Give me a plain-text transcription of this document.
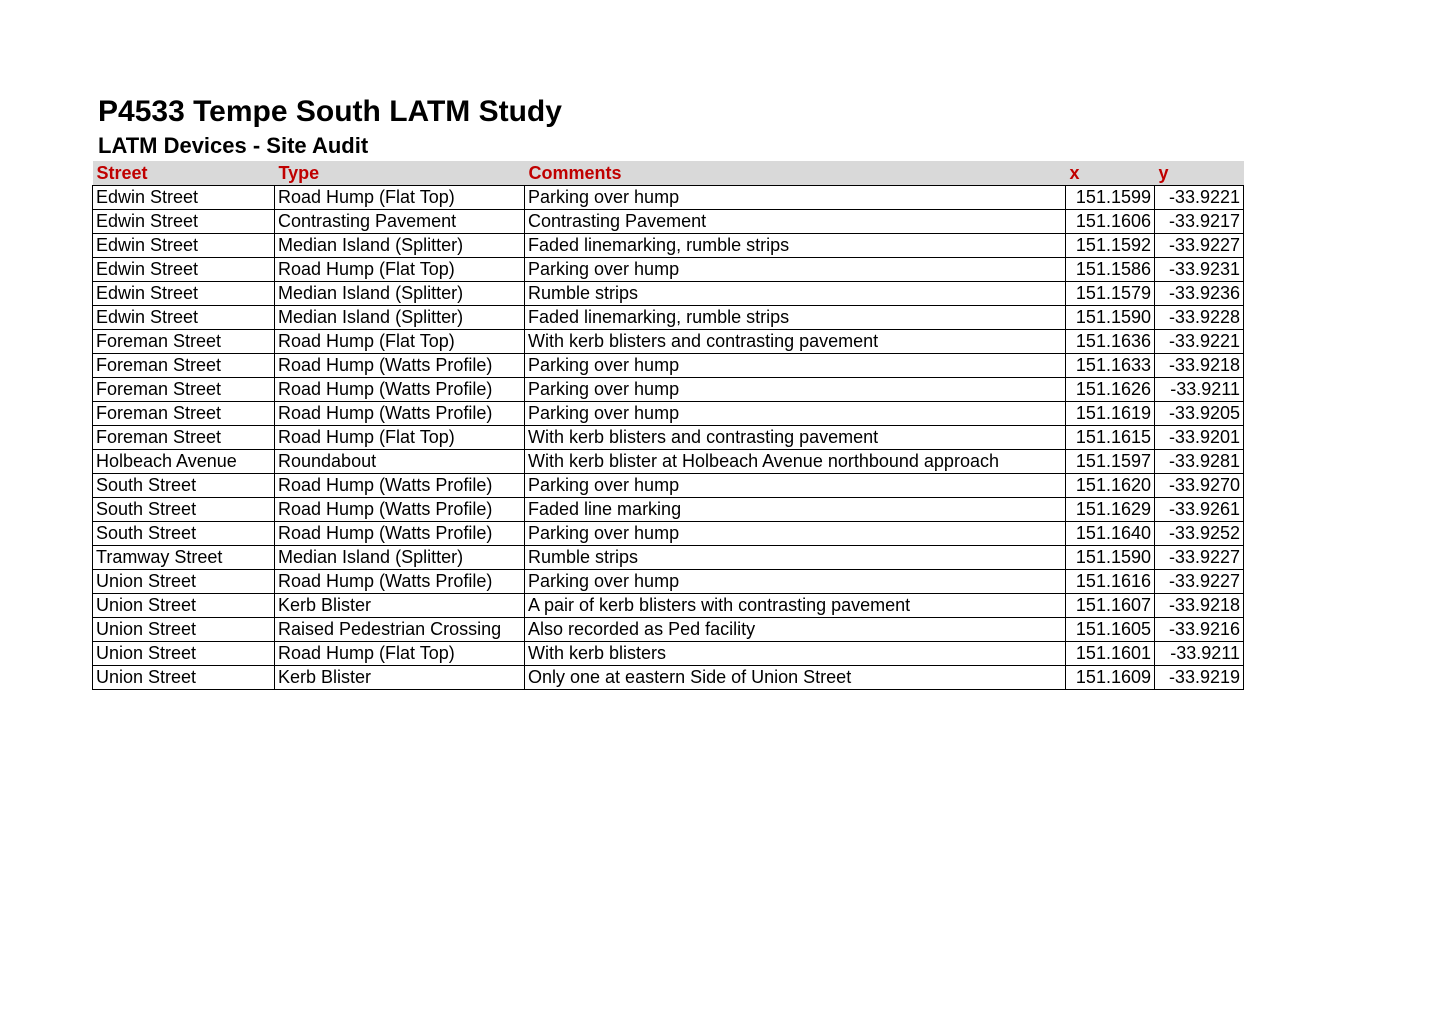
P4533 Tempe South LATM Study
LATM Devices - Site Audit
Street	Type	Comments	x	y
Edwin Street	Road Hump (Flat Top)	Parking over hump	151.1599	-33.9221
Edwin Street	Contrasting Pavement	Contrasting Pavement	151.1606	-33.9217
Edwin Street	Median Island (Splitter)	Faded linemarking, rumble strips	151.1592	-33.9227
Edwin Street	Road Hump (Flat Top)	Parking over hump	151.1586	-33.9231
Edwin Street	Median Island (Splitter)	Rumble strips	151.1579	-33.9236
Edwin Street	Median Island (Splitter)	Faded linemarking, rumble strips	151.1590	-33.9228
Foreman Street	Road Hump (Flat Top)	With kerb blisters and contrasting pavement	151.1636	-33.9221
Foreman Street	Road Hump (Watts Profile)	Parking over hump	151.1633	-33.9218
Foreman Street	Road Hump (Watts Profile)	Parking over hump	151.1626	-33.9211
Foreman Street	Road Hump (Watts Profile)	Parking over hump	151.1619	-33.9205
Foreman Street	Road Hump (Flat Top)	With kerb blisters and contrasting pavement	151.1615	-33.9201
Holbeach Avenue	Roundabout	With kerb blister at Holbeach Avenue northbound approach	151.1597	-33.9281
South Street	Road Hump (Watts Profile)	Parking over hump	151.1620	-33.9270
South Street	Road Hump (Watts Profile)	Faded line marking	151.1629	-33.9261
South Street	Road Hump (Watts Profile)	Parking over hump	151.1640	-33.9252
Tramway Street	Median Island (Splitter)	Rumble strips	151.1590	-33.9227
Union Street	Road Hump (Watts Profile)	Parking over hump	151.1616	-33.9227
Union Street	Kerb Blister	A pair of kerb blisters with contrasting pavement	151.1607	-33.9218
Union Street	Raised Pedestrian Crossing	Also recorded as Ped facility	151.1605	-33.9216
Union Street	Road Hump (Flat Top)	With kerb blisters	151.1601	-33.9211
Union Street	Kerb Blister	Only one at eastern Side of Union Street	151.1609	-33.9219
